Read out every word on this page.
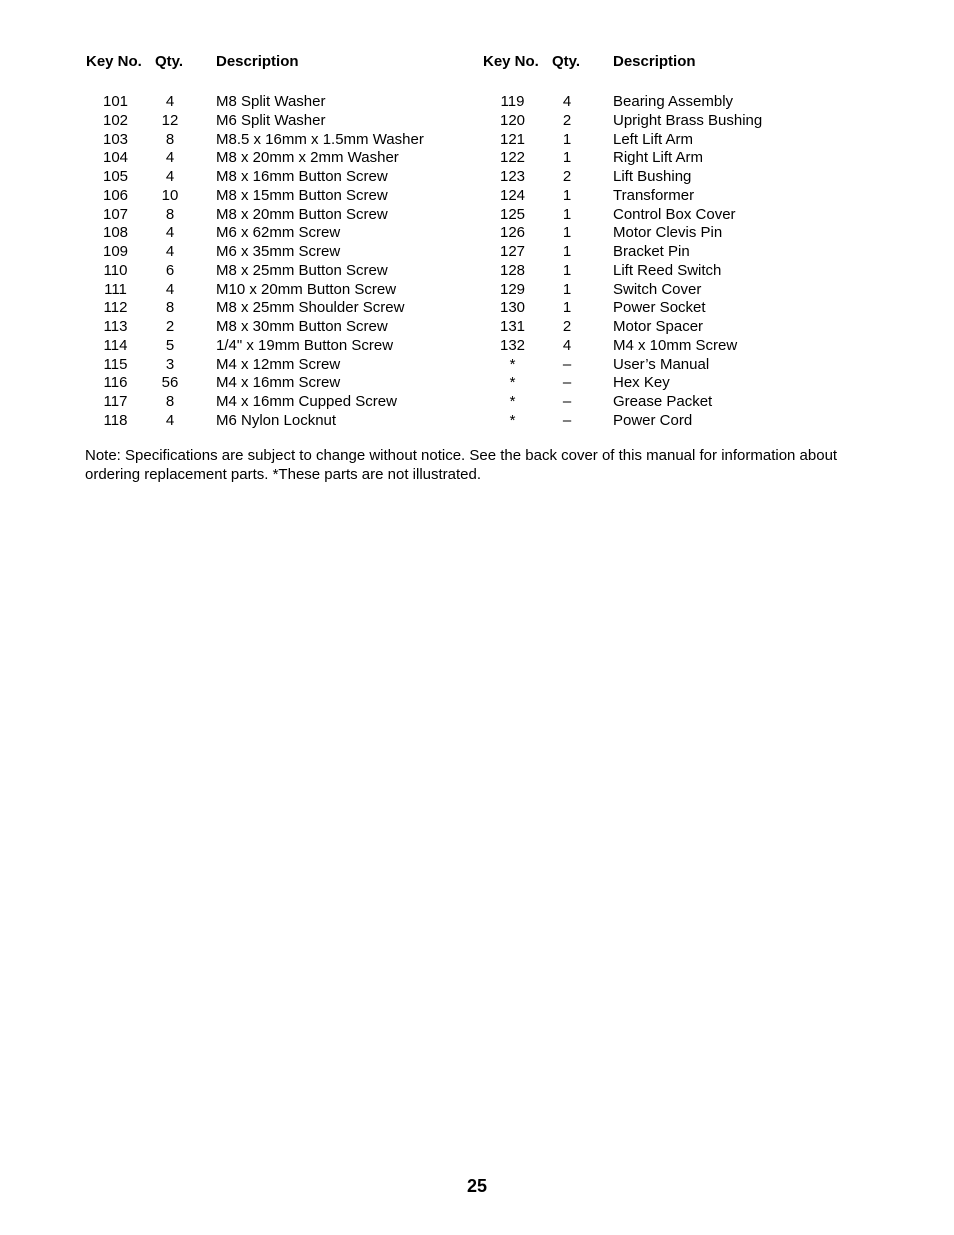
Key No. Qty. Description
101	4	M8 Split Washer
102	12	M6 Split Washer
103	8	M8.5 x 16mm x 1.5mm Washer
104	4	M8 x 20mm x 2mm Washer
105	4	M8 x 16mm Button Screw
106	10	M8 x 15mm Button Screw
107	8	M8 x 20mm Button Screw
108	4	M6 x 62mm Screw
109	4	M6 x 35mm Screw
110	6	M8 x 25mm Button Screw
111	4	M10 x 20mm Button Screw
112	8	M8 x 25mm Shoulder Screw
113	2	M8 x 30mm Button Screw
114	5	1/4" x 19mm Button Screw
115	3	M4 x 12mm Screw
116	56	M4 x 16mm Screw
117	8	M4 x 16mm Cupped Screw
118	4	M6 Nylon Locknut
Key No. Qty. Description
119	4	Bearing Assembly
120	2	Upright Brass Bushing
121	1	Left Lift Arm
122	1	Right Lift Arm
123	2	Lift Bushing
124	1	Transformer
125	1	Control Box Cover
126	1	Motor Clevis Pin
127	1	Bracket Pin
128	1	Lift Reed Switch
129	1	Switch Cover
130	1	Power Socket
131	2	Motor Spacer
132	4	M4 x 10mm Screw
*	–	User’s Manual
*	–	Hex Key
*	–	Grease Packet
*	–	Power Cord
Note: Specifications are subject to change without notice. See the back cover of this manual for information about ordering replacement parts. *These parts are not illustrated.
25
